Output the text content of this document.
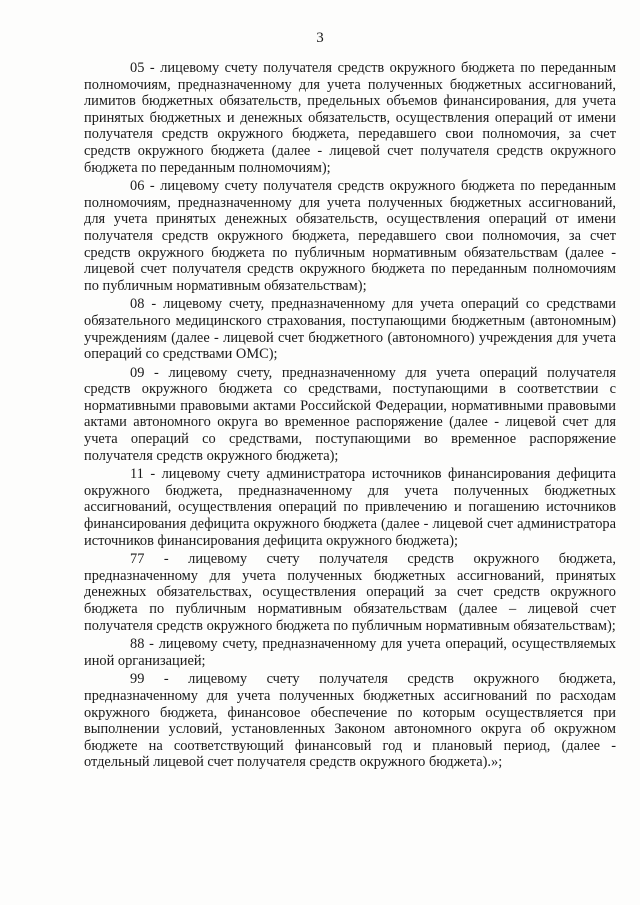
3

05 - лицевому счету получателя средств окружного бюджета по переданным полномочиям, предназначенному для учета полученных бюджетных ассигнований, лимитов бюджетных обязательств, предельных объемов финансирования, для учета принятых бюджетных и денежных обязательств, осуществления операций от имени получателя средств окружного бюджета, передавшего свои полномочия, за счет средств окружного бюджета (далее - лицевой счет получателя средств окружного бюджета по переданным полномочиям);

06 - лицевому счету получателя средств окружного бюджета по переданным полномочиям, предназначенному для учета полученных бюджетных ассигнований, для учета принятых денежных обязательств, осуществления операций от имени получателя средств окружного бюджета, передавшего свои полномочия, за счет средств окружного бюджета по публичным нормативным обязательствам (далее - лицевой счет получателя средств окружного бюджета по переданным полномочиям по публичным нормативным обязательствам);

08 - лицевому счету, предназначенному для учета операций со средствами обязательного медицинского страхования, поступающими бюджетным (автономным) учреждениям (далее - лицевой счет бюджетного (автономного) учреждения для учета операций со средствами ОМС);

09 - лицевому счету, предназначенному для учета операций получателя средств окружного бюджета со средствами, поступающими в соответствии с нормативными правовыми актами Российской Федерации, нормативными правовыми актами автономного округа во временное распоряжение (далее - лицевой счет для учета операций со средствами, поступающими во временное распоряжение получателя средств окружного бюджета);

11 - лицевому счету администратора источников финансирования дефицита окружного бюджета, предназначенному для учета полученных бюджетных ассигнований, осуществления операций по привлечению и погашению источников финансирования дефицита окружного бюджета (далее - лицевой счет администратора источников финансирования дефицита окружного бюджета);

77 - лицевому счету получателя средств окружного бюджета, предназначенному для учета полученных бюджетных ассигнований, принятых денежных обязательствах, осуществления операций за счет средств окружного бюджета по публичным нормативным обязательствам (далее – лицевой счет получателя средств окружного бюджета по публичным нормативным обязательствам);

88 - лицевому счету, предназначенному для учета операций, осуществляемых иной организацией;

99 - лицевому счету получателя средств окружного бюджета, предназначенному для учета полученных бюджетных ассигнований по расходам окружного бюджета, финансовое обеспечение по которым осуществляется при выполнении условий, установленных Законом автономного округа об окружном бюджете на соответствующий финансовый год и плановый период, (далее - отдельный лицевой счет получателя средств окружного бюджета).»;
